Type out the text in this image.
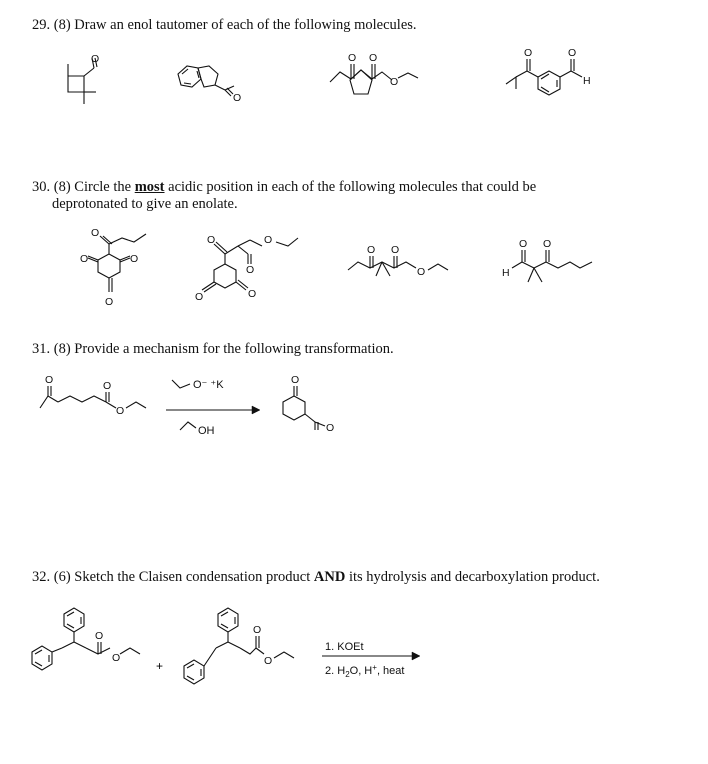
29. (8) Draw an enol tautomer of each of the following molecules.
30. (8) Circle the most acidic position in each of the following molecules that could be
deprotonated to give an enolate.
31. (8) Provide a mechanism for the following transformation.
32. (6) Sketch the Claisen condensation product AND its hydrolysis and decarboxylation product.
O
O
O O
O
O	O
H
O
O	O
O
O	O
O
O	O
O O
O	H
O O
O	O
O
O⁻ ⁺K
OH
O
O
O
O
+
O
O
1. KOEt
2. $H_2O$, H+, heat
